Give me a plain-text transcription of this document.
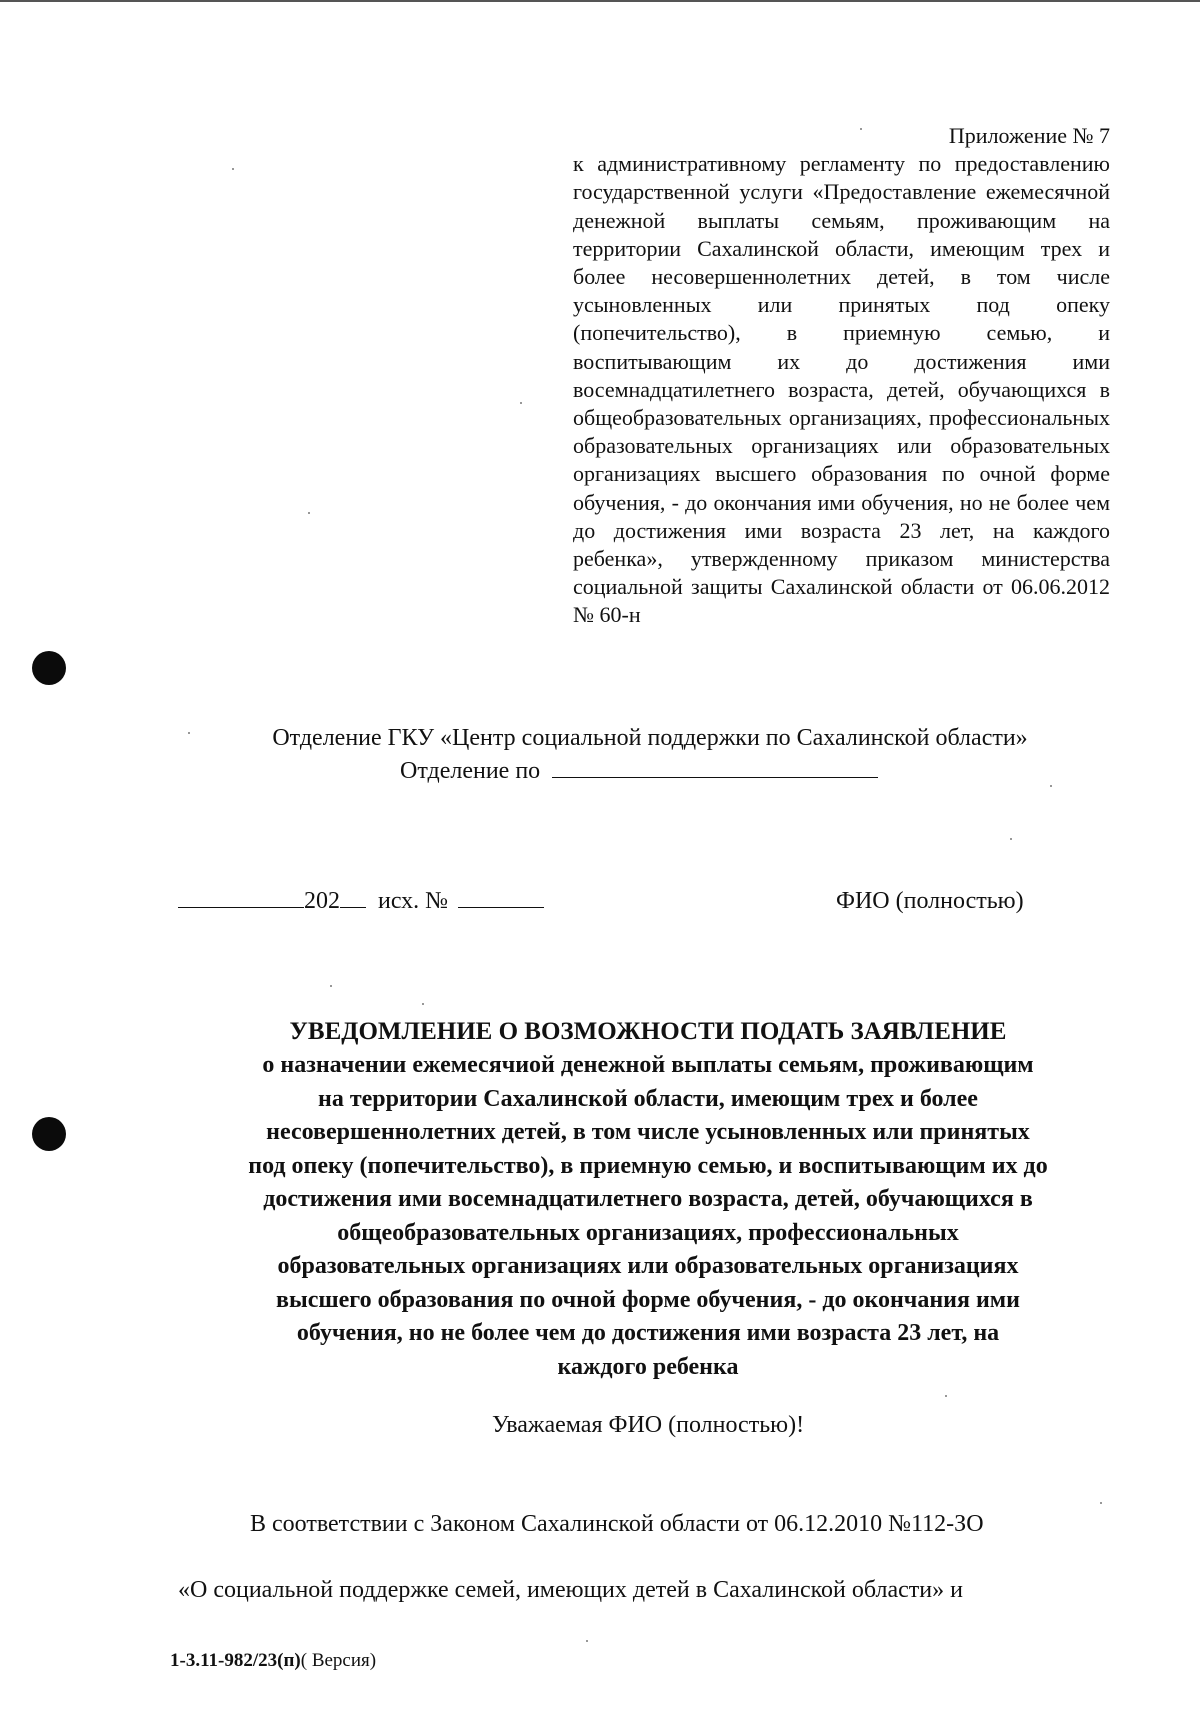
Приложение № 7
к административному регламенту по предоставлению государственной услуги «Предоставление ежемесячной денежной выплаты семьям, проживающим на территории Сахалинской области, имеющим трех и более несовершеннолетних детей, в том числе усыновленных или принятых под опеку (попечительство), в приемную семью, и воспитывающим их до достижения ими восемнадцатилетнего возраста, детей, обучающихся в общеобразовательных организациях, профессиональных образовательных организациях или образовательных организациях высшего образования по очной форме обучения, - до окончания ими обучения, но не более чем до достижения ими возраста 23 лет, на каждого ребенка», утвержденному приказом министерства социальной защиты Сахалинской области от 06.06.2012 № 60-н
Отделение ГКУ «Центр социальной поддержки по Сахалинской области»
Отделение по
202 исх. №	ФИО (полностью)
УВЕДОМЛЕНИЕ О ВОЗМОЖНОСТИ ПОДАТЬ ЗАЯВЛЕНИЕ
о назначении ежемесячиой денежной выплаты семьям, проживающим
на территории Сахалинской области, имеющим трех и более
несовершеннолетних детей, в том числе усыновленных или принятых
под опеку (попечительство), в приемную семью, и воспитывающим их до
достижения ими восемнадцатилетнего возраста, детей, обучающихся в
общеобразовательных организациях, профессиональных
образовательных организациях или образовательных организациях
высшего образования по очной форме обучения, - до окончания ими
обучения, но не более чем до достижения ими возраста 23 лет, на
каждого ребенка
Уважаемая ФИО (полностью)!
В соответствии с Законом Сахалинской области от 06.12.2010 №112-ЗО
«О социальной поддержке семей, имеющих детей в Сахалинской области» и
1-3.11-982/23(п)( Версия)
